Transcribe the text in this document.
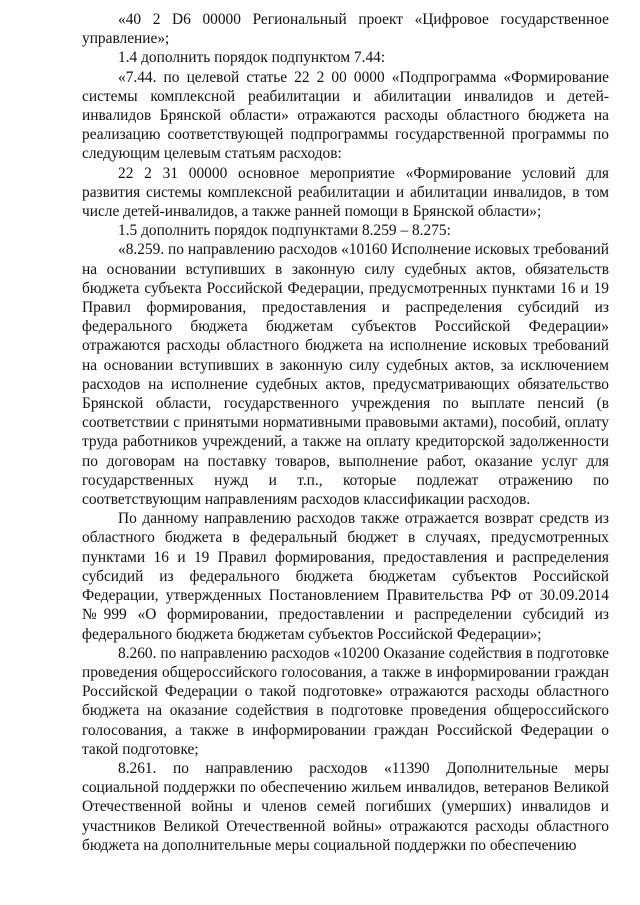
«40 2 D6 00000 Региональный проект «Цифровое государственное управление»;

1.4 дополнить порядок подпунктом 7.44:

«7.44. по целевой статье 22 2 00 0000 «Подпрограмма «Формирование системы комплексной реабилитации и абилитации инвалидов и детей-инвалидов Брянской области» отражаются расходы областного бюджета на реализацию соответствующей подпрограммы государственной программы по следующим целевым статьям расходов:

22 2 31 00000 основное мероприятие «Формирование условий для развития системы комплексной реабилитации и абилитации инвалидов, в том числе детей-инвалидов, а также ранней помощи в Брянской области»;

1.5 дополнить порядок подпунктами 8.259 – 8.275:

«8.259. по направлению расходов «10160 Исполнение исковых требований на основании вступивших в законную силу судебных актов, обязательств бюджета субъекта Российской Федерации, предусмотренных пунктами 16 и 19 Правил формирования, предоставления и распределения субсидий из федерального бюджета бюджетам субъектов Российской Федерации» отражаются расходы областного бюджета на исполнение исковых требований на основании вступивших в законную силу судебных актов, за исключением расходов на исполнение судебных актов, предусматривающих обязательство Брянской области, государственного учреждения по выплате пенсий (в соответствии с принятыми нормативными правовыми актами), пособий, оплату труда работников учреждений, а также на оплату кредиторской задолженности по договорам на поставку товаров, выполнение работ, оказание услуг для государственных нужд и т.п., которые подлежат отражению по соответствующим направлениям расходов классификации расходов.

По данному направлению расходов также отражается возврат средств из областного бюджета в федеральный бюджет в случаях, предусмотренных пунктами 16 и 19 Правил формирования, предоставления и распределения субсидий из федерального бюджета бюджетам субъектов Российской Федерации, утвержденных Постановлением Правительства РФ от 30.09.2014 №999 «О формировании, предоставлении и распределении субсидий из федерального бюджета бюджетам субъектов Российской Федерации»;

8.260. по направлению расходов «10200 Оказание содействия в подготовке проведения общероссийского голосования, а также в информировании граждан Российской Федерации о такой подготовке» отражаются расходы областного бюджета на оказание содействия в подготовке проведения общероссийского голосования, а также в информировании граждан Российской Федерации о такой подготовке;

8.261. по направлению расходов «11390 Дополнительные меры социальной поддержки по обеспечению жильем инвалидов, ветеранов Великой Отечественной войны и членов семей погибших (умерших) инвалидов и участников Великой Отечественной войны» отражаются расходы областного бюджета на дополнительные меры социальной поддержки по обеспечению
